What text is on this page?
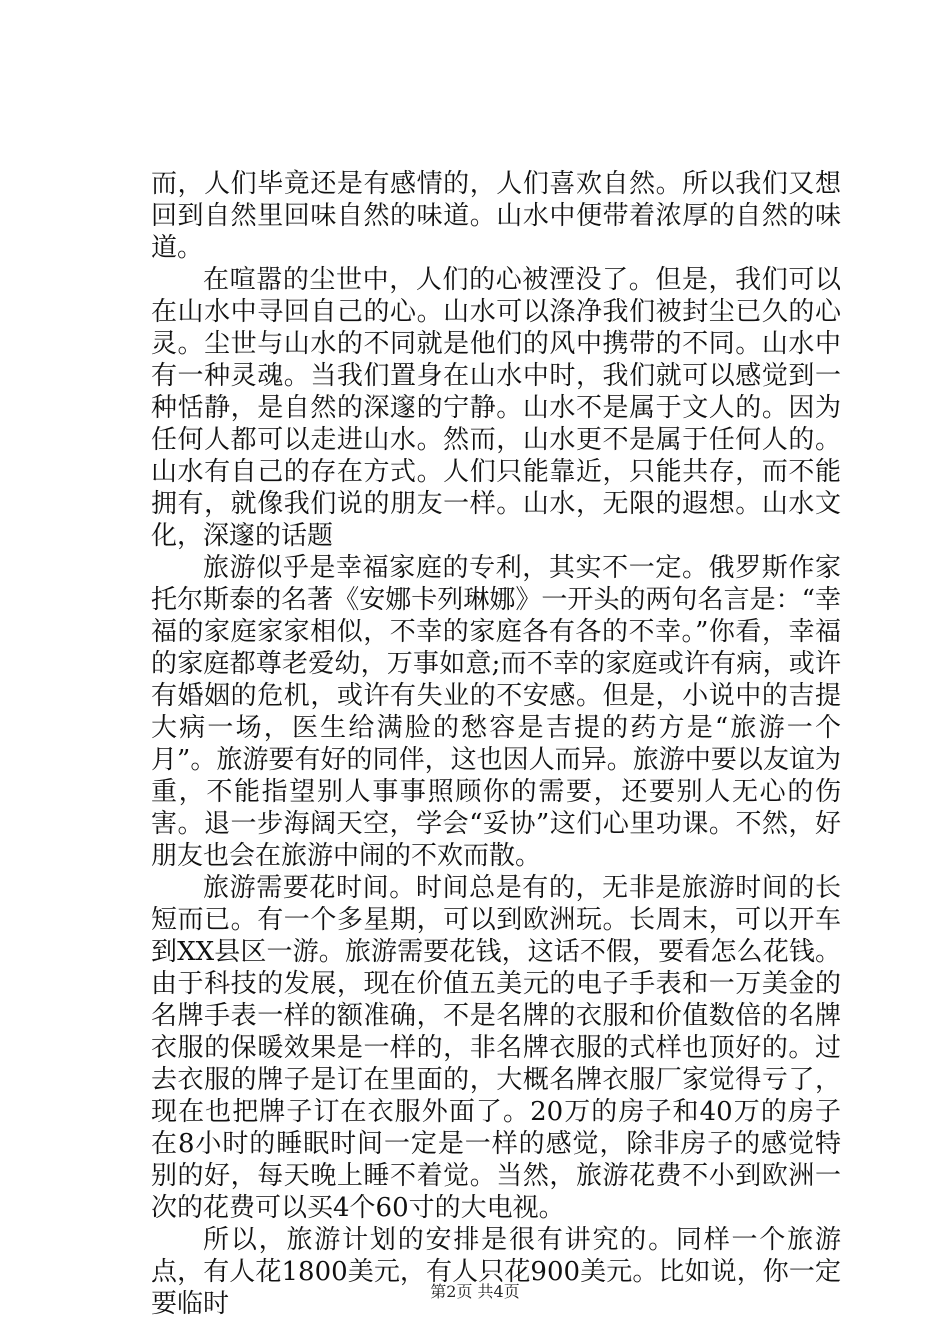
而，人们毕竟还是有感情的，人们喜欢自然。所以我们又想回到自然里回味自然的味道。山水中便带着浓厚的自然的味道。

在喧嚣的尘世中，人们的心被湮没了。但是，我们可以在山水中寻回自己的心。山水可以涤净我们被封尘已久的心灵。尘世与山水的不同就是他们的风中携带的不同。山水中有一种灵魂。当我们置身在山水中时，我们就可以感觉到一种恬静，是自然的深邃的宁静。山水不是属于文人的。因为任何人都可以走进山水。然而，山水更不是属于任何人的。山水有自己的存在方式。人们只能靠近，只能共存，而不能拥有，就像我们说的朋友一样。山水，无限的遐想。山水文化，深邃的话题

旅游似乎是幸福家庭的专利，其实不一定。俄罗斯作家托尔斯泰的名著《安娜卡列琳娜》一开头的两句名言是：“幸福的家庭家家相似，不幸的家庭各有各的不幸。”你看，幸福的家庭都尊老爱幼，万事如意;而不幸的家庭或许有病，或许有婚姻的危机，或许有失业的不安感。但是，小说中的吉提大病一场，医生给满脸的愁容是吉提的药方是“旅游一个月”。旅游要有好的同伴，这也因人而异。旅游中要以友谊为重，不能指望别人事事照顾你的需要，还要别人无心的伤害。退一步海阔天空，学会“妥协”这们心里功课。不然，好朋友也会在旅游中闹的不欢而散。

旅游需要花时间。时间总是有的，无非是旅游时间的长短而已。有一个多星期，可以到欧洲玩。长周末，可以开车到XX县区一游。旅游需要花钱，这话不假，要看怎么花钱。由于科技的发展，现在价值五美元的电子手表和一万美金的名牌手表一样的额准确，不是名牌的衣服和价值数倍的名牌衣服的保暖效果是一样的，非名牌衣服的式样也顶好的。过去衣服的牌子是订在里面的，大概名牌衣服厂家觉得亏了，现在也把牌子订在衣服外面了。20万的房子和40万的房子在8小时的睡眠时间一定是一样的感觉，除非房子的感觉特别的好，每天晚上睡不着觉。当然，旅游花费不小到欧洲一次的花费可以买4个60寸的大电视。

所以，旅游计划的安排是很有讲究的。同样一个旅游点，有人花1800美元，有人只花900美元。比如说，你一定要临时	第2页 共4页
